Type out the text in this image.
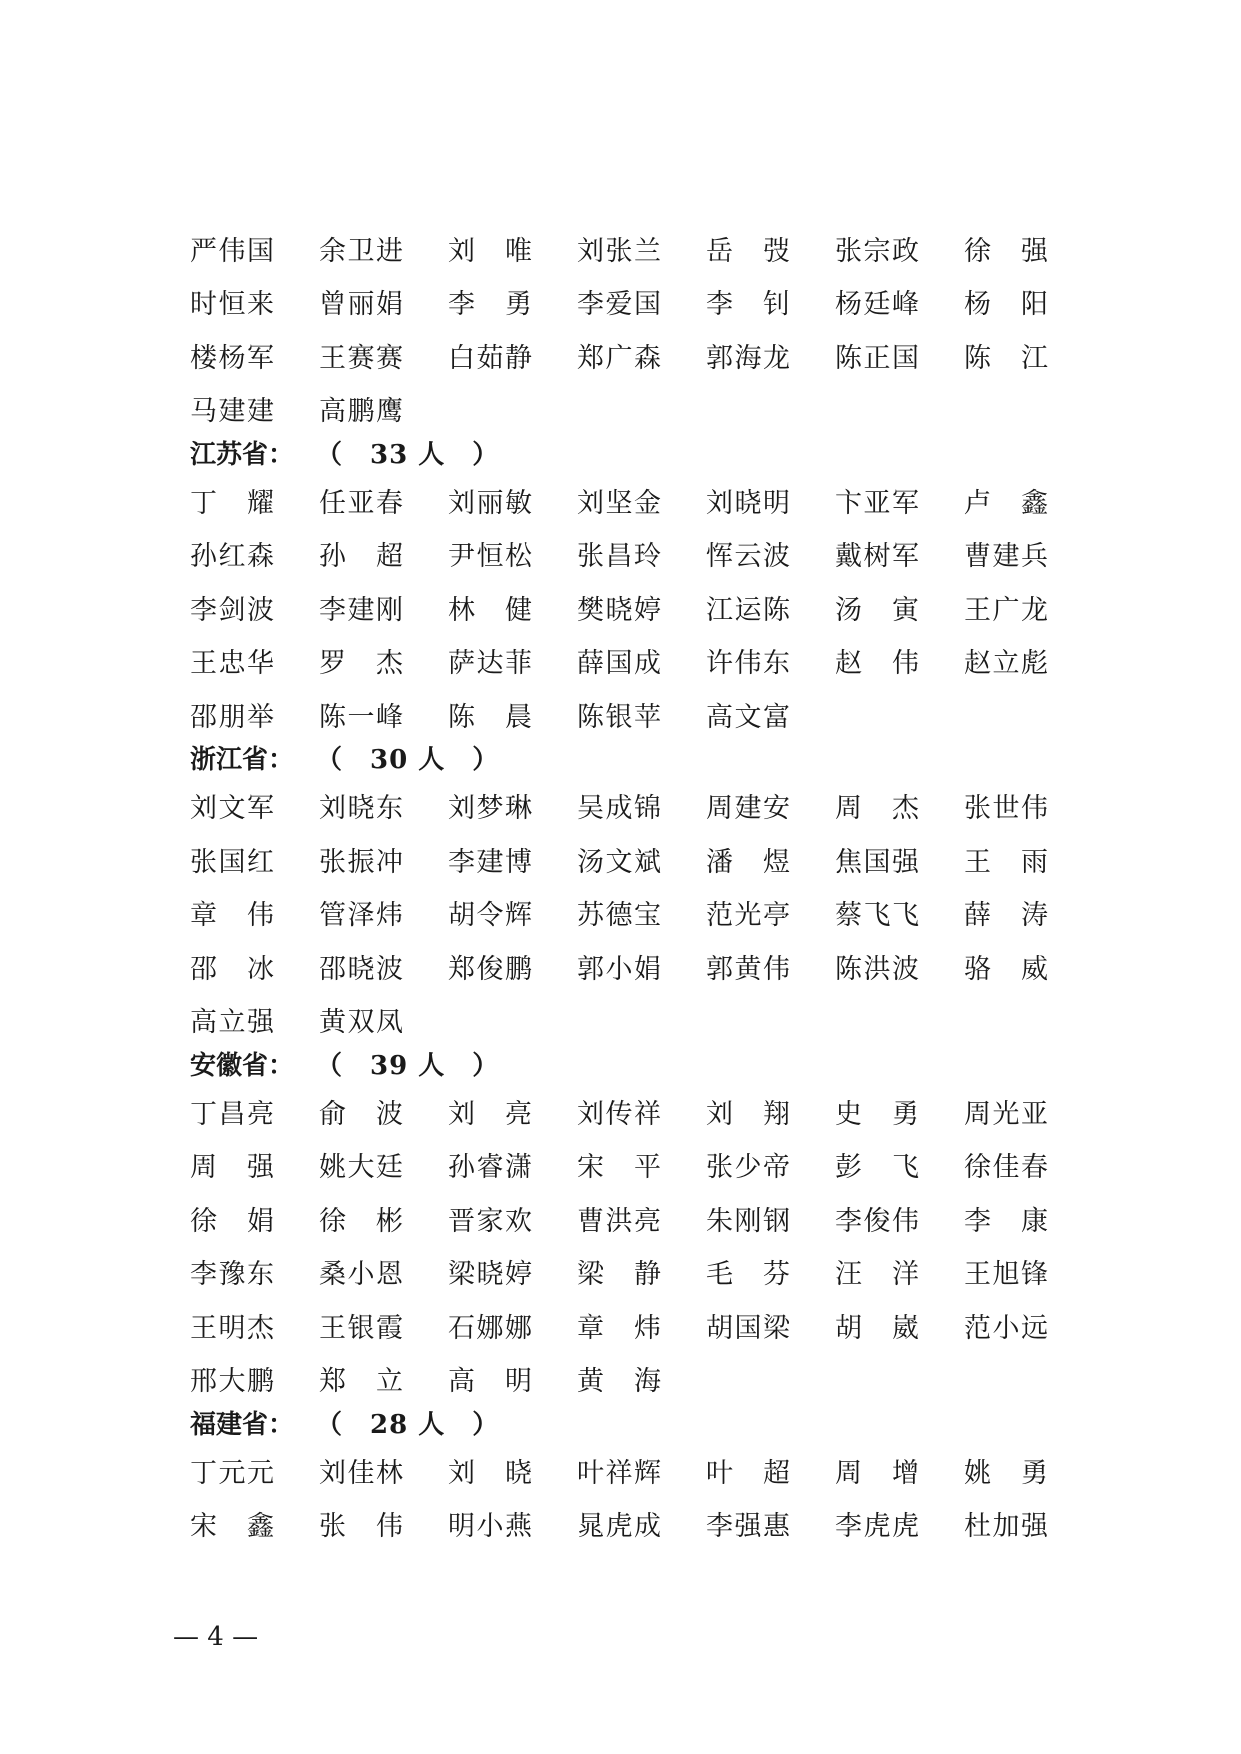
严 伟 国 余 卫 进 刘 唯 刘 张 兰 岳 弢 张 宗 政 徐 强
时 恒 来 曾 丽 娟 李 勇 李 爱 国 李 钊 杨 廷 峰 杨 阳
楼 杨 军 王 赛 赛 白 茹 静 郑 广 森 郭 海 龙 陈 正 国 陈 江
马 建 建 高 鹏 鹰
江苏省： （　33 人　）
丁 耀 任 亚 春 刘 丽 敏 刘 坚 金 刘 晓 明 卞 亚 军 卢 鑫
孙 红 森 孙 超 尹 恒 松 张 昌 玲 恽 云 波 戴 树 军 曹 建 兵
李 剑 波 李 建 刚 林 健 樊 晓 婷 江 运 陈 汤 寅 王 广 龙
王 忠 华 罗 杰 萨 达 菲 薛 国 成 许 伟 东 赵 伟 赵 立 彪
邵 朋 举 陈 一 峰 陈 晨 陈 银 苹 高 文 富
浙江省： （　30 人　）
刘 文 军 刘 晓 东 刘 梦 琳 吴 成 锦 周 建 安 周 杰 张 世 伟
张 国 红 张 振 冲 李 建 博 汤 文 斌 潘 煜 焦 国 强 王 雨
章 伟 管 泽 炜 胡 令 辉 苏 德 宝 范 光 亭 蔡 飞 飞 薛 涛
邵 冰 邵 晓 波 郑 俊 鹏 郭 小 娟 郭 黄 伟 陈 洪 波 骆 威
高 立 强 黄 双 凤
安徽省： （　39 人　）
丁 昌 亮 俞 波 刘 亮 刘 传 祥 刘 翔 史 勇 周 光 亚
周 强 姚 大 廷 孙 睿 潇 宋 平 张 少 帝 彭 飞 徐 佳 春
徐 娟 徐 彬 晋 家 欢 曹 洪 亮 朱 刚 钢 李 俊 伟 李 康
李 豫 东 桑 小 恩 梁 晓 婷 梁 静 毛 芬 汪 洋 王 旭 锋
王 明 杰 王 银 霞 石 娜 娜 章 炜 胡 国 梁 胡 崴 范 小 远
邢 大 鹏 郑 立 高 明 黄 海
福建省： （　28 人　）
丁 元 元 刘 佳 林 刘 晓 叶 祥 辉 叶 超 周 增 姚 勇
宋 鑫 张 伟 明 小 燕 晁 虎 成 李 强 惠 李 虎 虎 杜 加 强
— 4 —
